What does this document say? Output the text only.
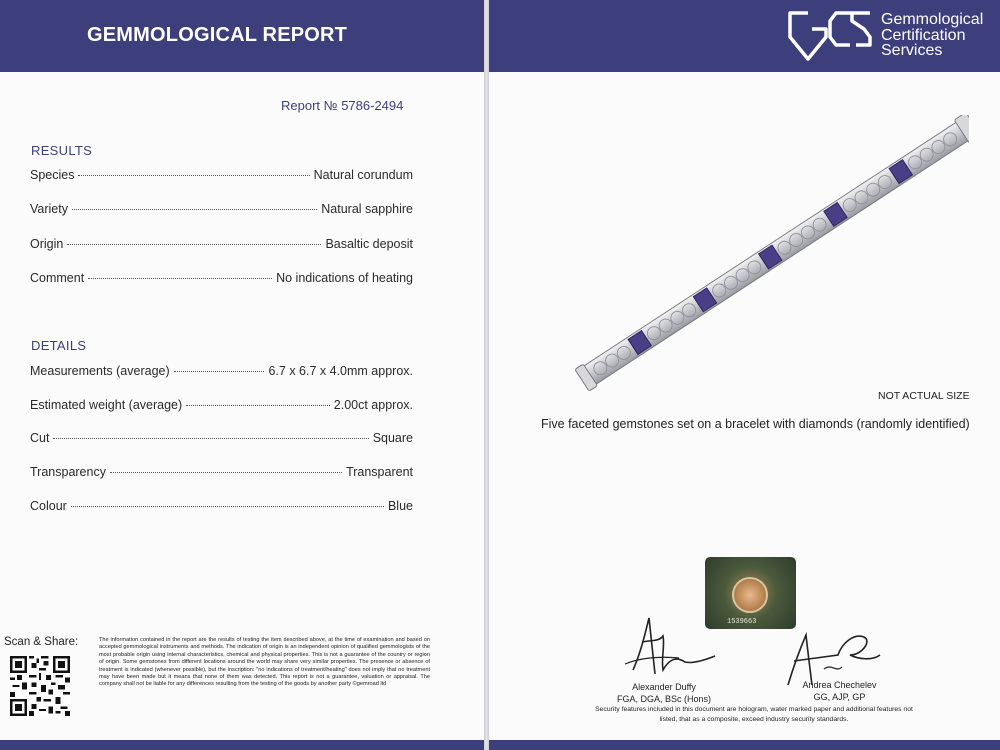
GEMMOLOGICAL REPORT
Report № 5786-2494
RESULTS
Species	Natural corundum
Variety	Natural sapphire
Origin	Basaltic deposit
Comment	No indications of heating
DETAILS
Measurements (average)	6.7 x 6.7 x 4.0mm approx.
Estimated weight (average)	2.00ct approx.
Cut	Square
Transparency	Transparent
Colour	Blue
Scan & Share:	The information contained in the report are the results of testing the item described above, at the time of examination and based on accepted gemmological instruments and methods. The indication of origin is an independent opinion of qualified gemmologists of the most probable origin using internal characteristics, chemical and physical properties. This is not a guarantee of the country or region of origin. Some gemstones from different locations around the world may share very similar properties. The presence or absence of treatment is indicated (whenever possible), but the inscription: "no indications of treatment/heating" does not imply that no treatment may have been made but it means that none of them was detected. This report is not a guarantee, valuation or appraisal. The company shall not be liable for any differences resulting from the testing of the goods by another party ©gemroad ltd
GCS
Gemmological
Certification
Services
NOT ACTUAL SIZE
Five faceted gemstones set on a bracelet with diamonds (randomly identified)
1539663
Alexander Duffy
FGA, DGA, BSc (Hons)
Andrea Chechelev
GG, AJP, GP
Security features included in this document are hologram, water marked paper and additional features not listed, that as a composite, exceed industry security standards.
